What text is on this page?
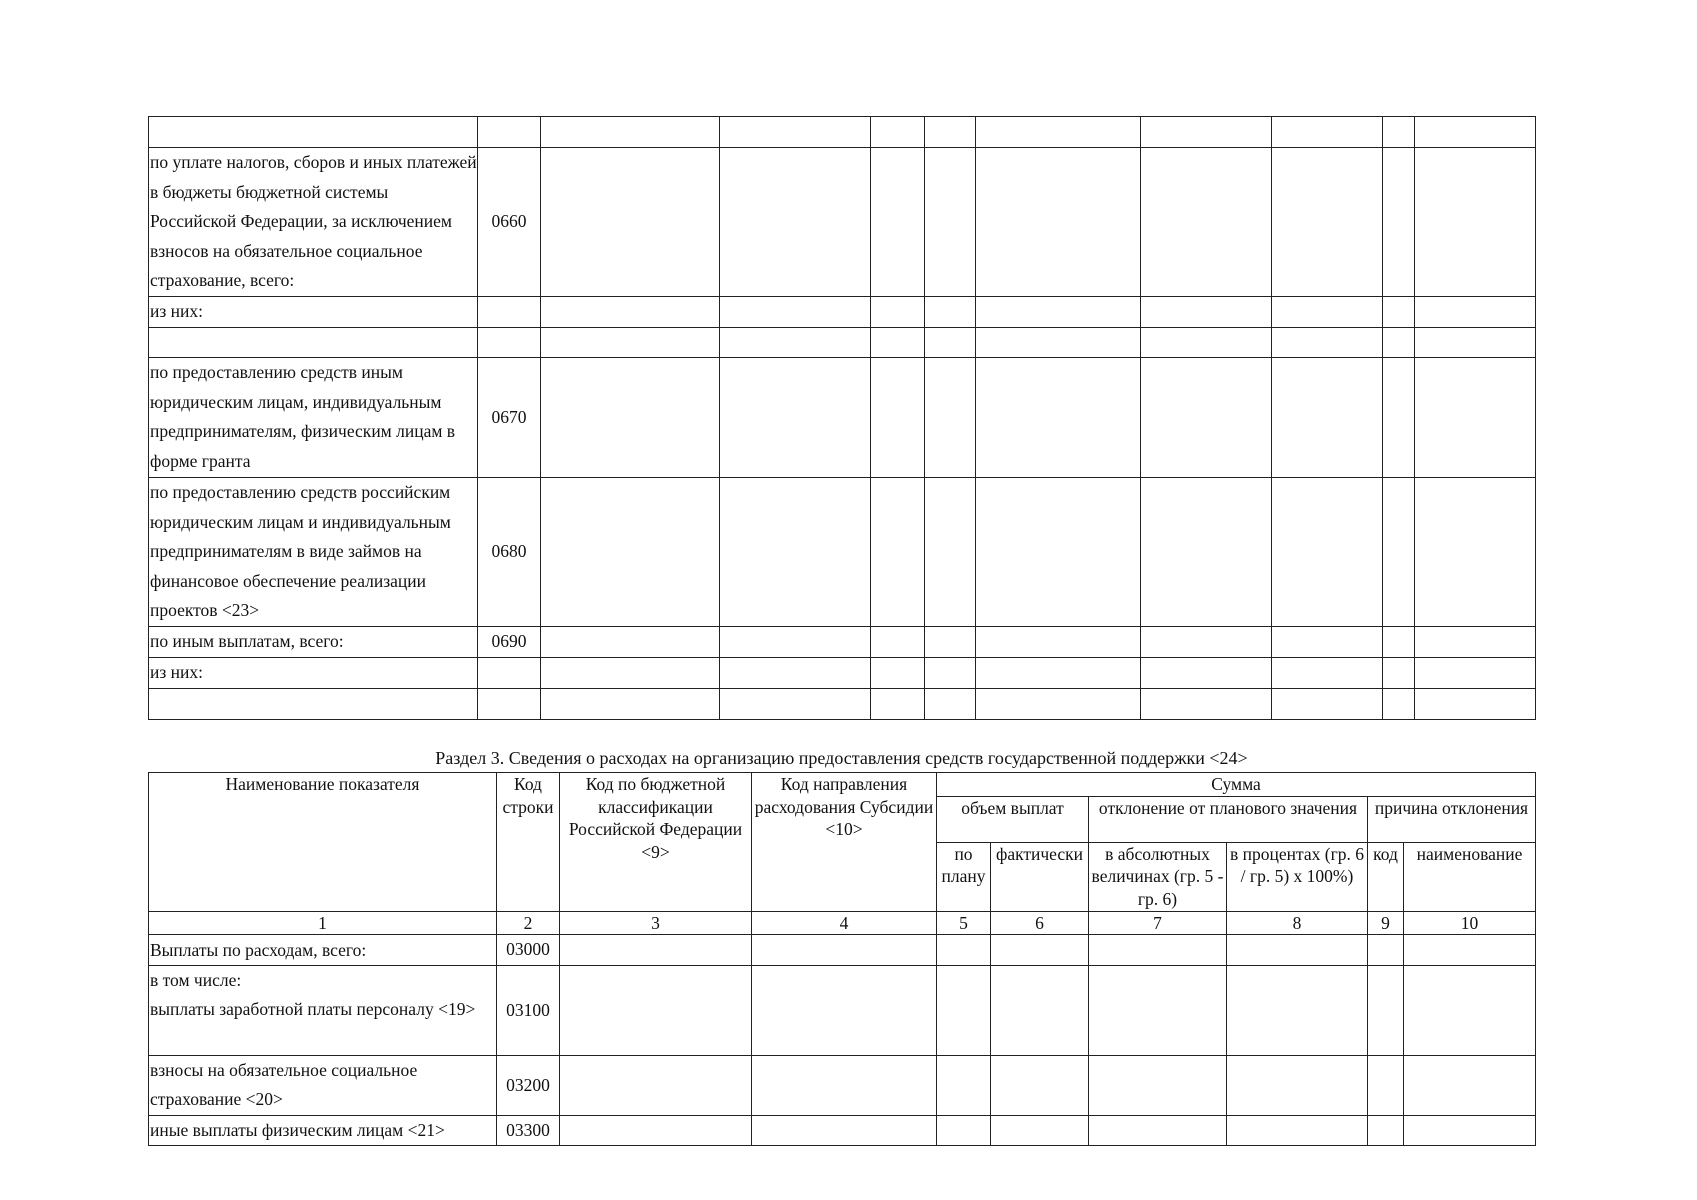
по уплате налогов, сборов и иных платежей в бюджеты бюджетной системы Российской Федерации, за исключением взносов на обязательное социальное страхование, всего:	0660									
из них:										

по предоставлению средств иным юридическим лицам, индивидуальным предпринимателям, физическим лицам в форме гранта	0670									
по предоставлению средств российским юридическим лицам и индивидуальным предпринимателям в виде займов на финансовое обеспечение реализации проектов <23>	0680									
по иным выплатам, всего:	0690									
из них:										

Раздел 3. Сведения о расходах на организацию предоставления средств государственной поддержки <24>
Наименование показателя	Код строки	Код по бюджетной классификации Российской Федерации <9>	Код направления расходования Субсидии <10>	Сумма					
				объем выплат		отклонение от планового значения		причина отклонения	
				по плану	фактически	в абсолютных величинах (гр. 5 - гр. 6)	в процентах (гр. 6 / гр. 5) x 100%)	код	наименование
1	2	3	4	5	6	7	8	9	10
Выплаты по расходам, всего:	03000								
в том числе:
выплаты заработной платы персоналу <19>	03100								
взносы на обязательное социальное страхование <20>	03200								
иные выплаты физическим лицам <21>	03300								
